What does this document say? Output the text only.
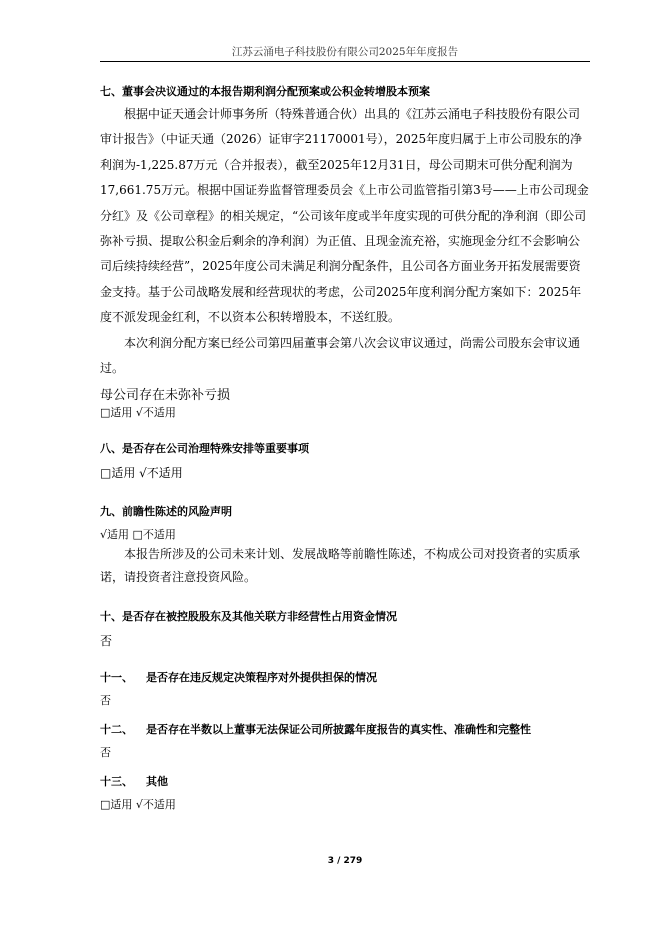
江苏云涌电子科技股份有限公司2025年年度报告

七、董事会决议通过的本报告期利润分配预案或公积金转增股本预案

根据中证天通会计师事务所（特殊普通合伙）出具的《江苏云涌电子科技股份有限公司审计报告》（中证天通（2026）证审字21170001号），2025年度归属于上市公司股东的净利润为-1,225.87万元（合并报表），截至2025年12月31日，母公司期末可供分配利润为17,661.75万元。根据中国证券监督管理委员会《上市公司监管指引第3号——上市公司现金分红》及《公司章程》的相关规定，“公司该年度或半年度实现的可供分配的净利润（即公司弥补亏损、提取公积金后剩余的净利润）为正值、且现金流充裕，实施现金分红不会影响公司后续持续经营”，2025年度公司未满足利润分配条件，且公司各方面业务开拓发展需要资金支持。基于公司战略发展和经营现状的考虑，公司2025年度利润分配方案如下：2025年度不派发现金红利，不以资本公积转增股本，不送红股。

本次利润分配方案已经公司第四届董事会第八次会议审议通过，尚需公司股东会审议通过。

母公司存在未弥补亏损

□适用 √不适用

八、是否存在公司治理特殊安排等重要事项

□适用 √不适用

九、前瞻性陈述的风险声明

√适用 □不适用

本报告所涉及的公司未来计划、发展战略等前瞻性陈述，不构成公司对投资者的实质承诺，请投资者注意投资风险。

十、是否存在被控股股东及其他关联方非经营性占用资金情况

否

十一、	是否存在违反规定决策程序对外提供担保的情况

否

十二、	是否存在半数以上董事无法保证公司所披露年度报告的真实性、准确性和完整性

否

十三、	其他

□适用 √不适用

3 / 279
